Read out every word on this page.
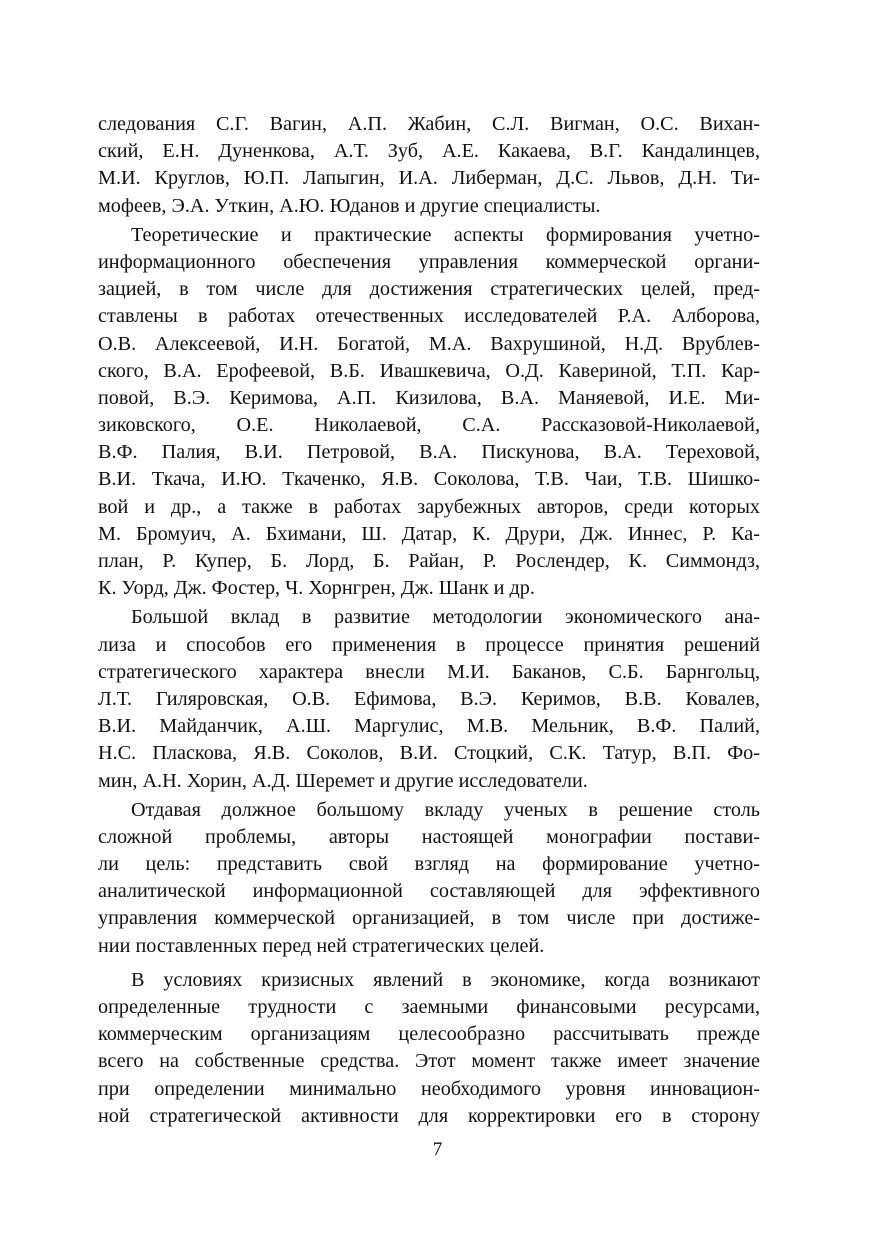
следования С.Г. Вагин, А.П. Жабин, С.Л. Вигман, О.С. Вихан-
ский, Е.Н. Дуненкова, А.Т. Зуб, А.Е. Какаева, В.Г. Кандалинцев,
М.И. Круглов, Ю.П. Лапыгин, И.А. Либерман, Д.С. Львов, Д.Н. Ти-
мофеев, Э.А. Уткин, А.Ю. Юданов и другие специалисты.
Теоретические и практические аспекты формирования учетно-
информационного обеспечения управления коммерческой органи-
зацией, в том числе для достижения стратегических целей, пред-
ставлены в работах отечественных исследователей Р.А. Алборова,
О.В. Алексеевой, И.Н. Богатой, М.А. Вахрушиной, Н.Д. Врублев-
ского, В.А. Ерофеевой, В.Б. Ивашкевича, О.Д. Кавериной, Т.П. Кар-
повой, В.Э. Керимова, А.П. Кизилова, В.А. Маняевой, И.Е. Ми-
зиковского, О.Е. Николаевой, С.А. Рассказовой-Николаевой,
В.Ф. Палия, В.И. Петровой, В.А. Пискунова, В.А. Тереховой,
В.И. Ткача, И.Ю. Ткаченко, Я.В. Соколова, Т.В. Чаи, Т.В. Шишко-
вой и др., а также в работах зарубежных авторов, среди которых
М. Бромуич, А. Бхимани, Ш. Датар, К. Друри, Дж. Иннес, Р. Ка-
план, Р. Купер, Б. Лорд, Б. Райан, Р. Рослендер, К. Симмондз,
К. Уорд, Дж. Фостер, Ч. Хорнгрен, Дж. Шанк и др.
Большой вклад в развитие методологии экономического ана-
лиза и способов его применения в процессе принятия решений
стратегического характера внесли М.И. Баканов, С.Б. Барнгольц,
Л.Т. Гиляровская, О.В. Ефимова, В.Э. Керимов, В.В. Ковалев,
В.И. Майданчик, А.Ш. Маргулис, М.В. Мельник, В.Ф. Палий,
Н.С. Пласкова, Я.В. Соколов, В.И. Стоцкий, С.К. Татур, В.П. Фо-
мин, А.Н. Хорин, А.Д. Шеремет и другие исследователи.
Отдавая должное большому вкладу ученых в решение столь
сложной проблемы, авторы настоящей монографии постави-
ли цель: представить свой взгляд на формирование учетно-
аналитической информационной составляющей для эффективного
управления коммерческой организацией, в том числе при достиже-
нии поставленных перед ней стратегических целей.
В условиях кризисных явлений в экономике, когда возникают
определенные трудности с заемными финансовыми ресурсами,
коммерческим организациям целесообразно рассчитывать прежде
всего на собственные средства. Этот момент также имеет значение
при определении минимально необходимого уровня инновацион-
ной стратегической активности для корректировки его в сторону
7
